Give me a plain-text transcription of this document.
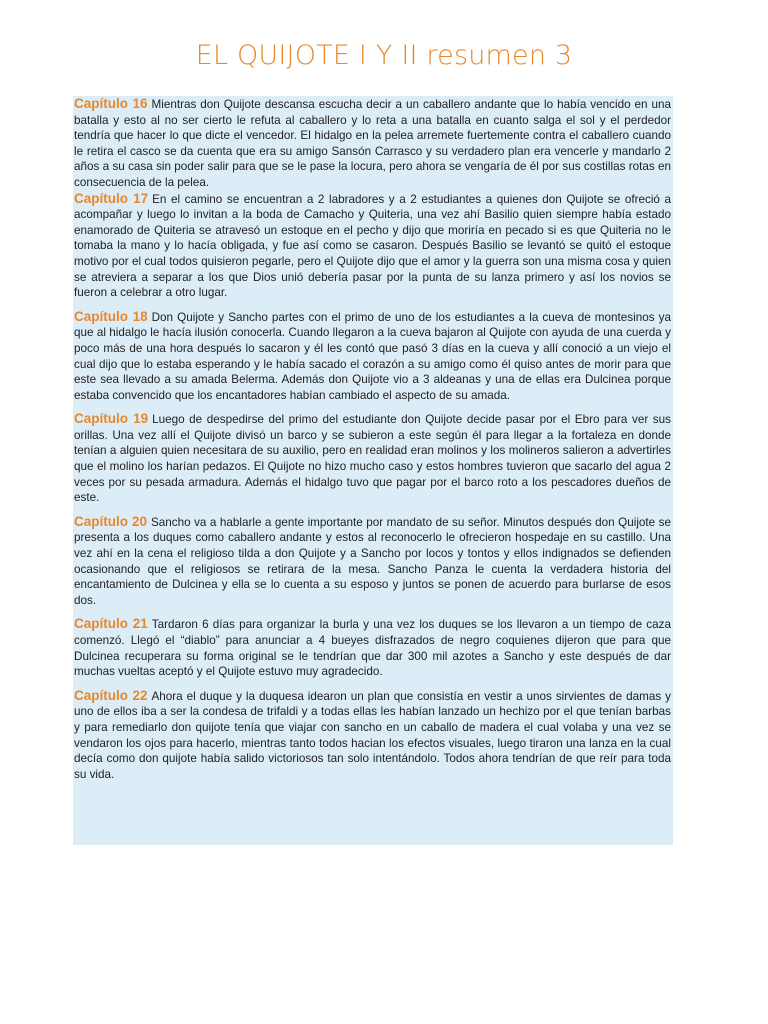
EL QUIJOTE I Y II resumen 3

Capítulo 16 Mientras don Quijote descansa escucha decir a un caballero andante que lo había vencido en una batalla y esto al no ser cierto le refuta al caballero y lo reta a una batalla en cuanto salga el sol y el perdedor tendría que hacer lo que dicte el vencedor. El hidalgo en la pelea arremete fuertemente contra el caballero cuando le retira el casco se da cuenta que era su amigo Sansón Carrasco y su verdadero plan era vencerle y mandarlo 2 años a su casa sin poder salir para que se le pase la locura, pero ahora se vengaría de él por sus costillas rotas en consecuencia de la pelea.

Capítulo 17 En el camino se encuentran a 2 labradores y a 2 estudiantes a quienes don Quijote se ofreció a acompañar y luego lo invitan a la boda de Camacho y Quiteria, una vez ahí Basilio quien siempre había estado enamorado de Quiteria se atravesó un estoque en el pecho y dijo que moriría en pecado si es que Quiteria no le tomaba la mano y lo hacía obligada, y fue así como se casaron. Después Basilio se levantó se quitó el estoque motivo por el cual todos quisieron pegarle, pero el Quijote dijo que el amor y la guerra son una misma cosa y quien se atreviera a separar a los que Dios unió debería pasar por la punta de su lanza primero y así los novios se fueron a celebrar a otro lugar.

Capítulo 18 Don Quijote y Sancho partes con el primo de uno de los estudiantes a la cueva de montesinos ya que al hidalgo le hacía ilusión conocerla. Cuando llegaron a la cueva bajaron al Quijote con ayuda de una cuerda y poco más de una hora después lo sacaron y él les contó que pasó 3 días en la cueva y allí conoció a un viejo el cual dijo que lo estaba esperando y le había sacado el corazón a su amigo como él quiso antes de morir para que este sea llevado a su amada Belerma. Además don Quijote vio a 3 aldeanas y una de ellas era Dulcinea porque estaba convencido que los encantadores habían cambiado el aspecto de su amada.

Capítulo 19 Luego de despedirse del primo del estudiante don Quijote decide pasar por el Ebro para ver sus orillas. Una vez allí el Quijote divisó un barco y se subieron a este según él para llegar a la fortaleza en donde tenían a alguien quien necesitara de su auxilio, pero en realidad eran molinos y los molineros salieron a advertirles que el molino los harían pedazos. El Quijote no hizo mucho caso y estos hombres tuvieron que sacarlo del agua 2 veces por su pesada armadura. Además el hidalgo tuvo que pagar por el barco roto a los pescadores dueños de este.

Capítulo 20 Sancho va a hablarle a gente importante por mandato de su señor. Minutos después don Quijote se presenta a los duques como caballero andante y estos al reconocerlo le ofrecieron hospedaje en su castillo. Una vez ahí en la cena el religioso tilda a don Quijote y a Sancho por locos y tontos y ellos indignados se defienden ocasionando que el religiosos se retirara de la mesa. Sancho Panza le cuenta la verdadera historia del encantamiento de Dulcinea y ella se lo cuenta a su esposo y juntos se ponen de acuerdo para burlarse de esos dos.

Capítulo 21 Tardaron 6 días para organizar la burla y una vez los duques se los llevaron a un tiempo de caza comenzó. Llegó el “diablo” para anunciar a 4 bueyes disfrazados de negro coquienes dijeron que para que Dulcinea recuperara su forma original se le tendrían que dar 300 mil azotes a Sancho y este después de dar muchas vueltas aceptó y el Quijote estuvo muy agradecido.

Capítulo 22 Ahora el duque y la duquesa idearon un plan que consistía en vestir a unos sirvientes de damas y uno de ellos iba a ser la condesa de trifaldi y a todas ellas les habían lanzado un hechizo por el que tenían barbas y para remediarlo don quijote tenía que viajar con sancho en un caballo de madera el cual volaba y una vez se vendaron los ojos para hacerlo, mientras tanto todos hacian los efectos visuales, luego tiraron una lanza en la cual decía como don quijote había salido victoriosos tan solo intentándolo. Todos ahora tendrían de que reír para toda su vida.
